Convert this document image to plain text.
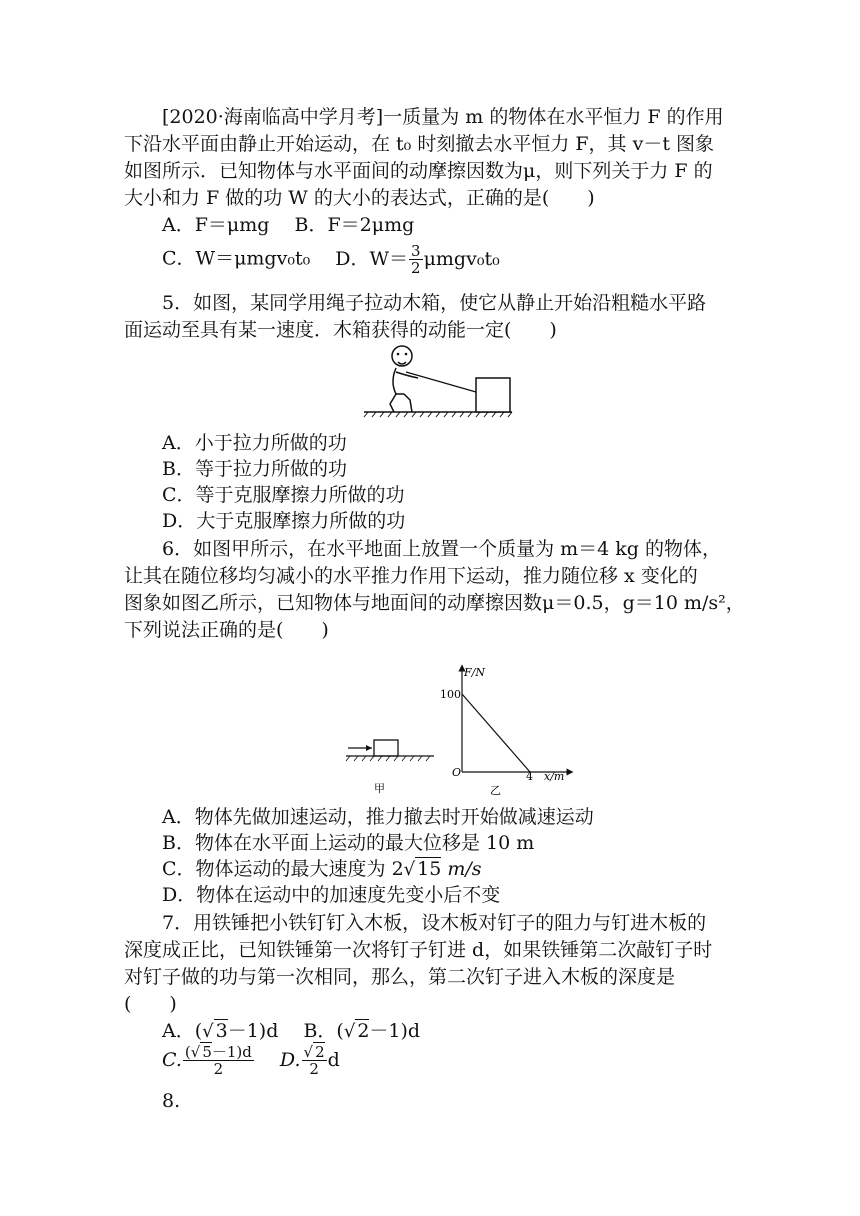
[2020·海南临高中学月考]一质量为 m 的物体在水平恒力 F 的作用
下沿水平面由静止开始运动，在 t₀ 时刻撤去水平恒力 F，其 v－t 图象
如图所示．已知物体与水平面间的动摩擦因数为μ，则下列关于力 F 的
大小和力 F 做的功 W 的大小的表达式，正确的是(　　)
A．F＝μmg　 B．F＝2μmg
C．W＝μmgv₀t₀　 D．$W= \frac{3}{2} \mu mgv_0t_0$
5．如图，某同学用绳子拉动木箱，使它从静止开始沿粗糙水平路
面运动至具有某一速度．木箱获得的动能一定(　　)
A．小于拉力所做的功
B．等于拉力所做的功
C．等于克服摩擦力所做的功
D．大于克服摩擦力所做的功
6．如图甲所示，在水平地面上放置一个质量为 m＝4 kg 的物体，
让其在随位移均匀减小的水平推力作用下运动，推力随位移 x 变化的
图象如图乙所示，已知物体与地面间的动摩擦因数μ＝0.5，g＝10 m/s²，
下列说法正确的是(　　)
甲
F/N
x/m
O
100
4
乙
A．物体先做加速运动，推力撤去时开始做减速运动
B．物体在水平面上运动的最大位移是 10 m
C．物体运动的最大速度为 2√ 15 m/s
D．物体在运动中的加速度先变小后不变
7．用铁锤把小铁钉钉入木板，设木板对钉子的阻力与钉进木板的
深度成正比，已知铁锤第一次将钉子钉进 d，如果铁锤第二次敲钉子时
对钉子做的功与第一次相同，那么，第二次钉子进入木板的深度是
(　　)
A．(√ 3－1)d　 B．(√ 2－1)d
C. $\frac{(√ 5-1)d}{2}$
　 D. $\frac{√ 2}{2}$ d
8.
